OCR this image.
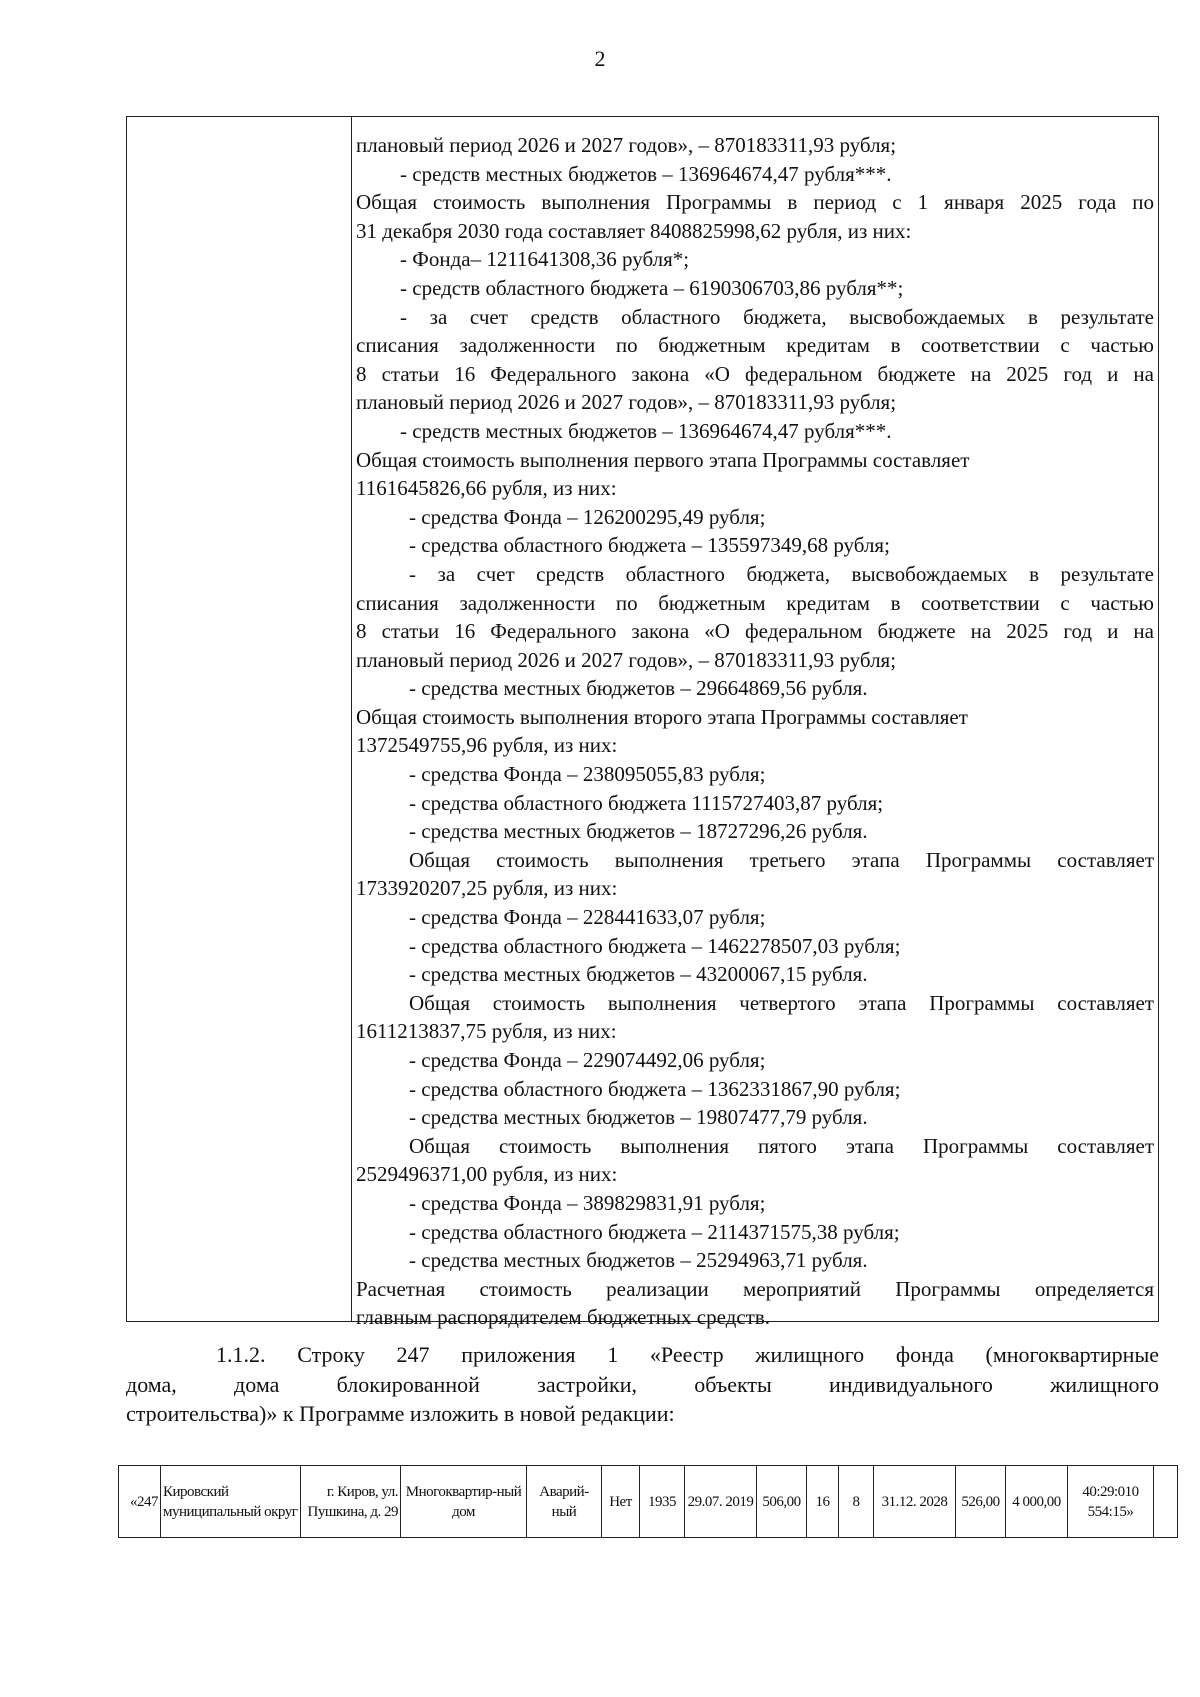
2
плановый период 2026 и 2027 годов», – 870183311,93 рубля;
- средств местных бюджетов – 136964674,47 рубля***.
Общая стоимость выполнения Программы в период с 1 января 2025 года по
31 декабря 2030 года составляет 8408825998,62 рубля, из них:
- Фонда– 1211641308,36 рубля*;
- средств областного бюджета – 6190306703,86 рубля**;
- за счет средств областного бюджета, высвобождаемых в результате
списания задолженности по бюджетным кредитам в соответствии с частью
8 статьи 16 Федерального закона «О федеральном бюджете на 2025 год и на
плановый период 2026 и 2027 годов», – 870183311,93 рубля;
- средств местных бюджетов – 136964674,47 рубля***.
Общая стоимость выполнения первого этапа Программы составляет
1161645826,66 рубля, из них:
- средства Фонда – 126200295,49 рубля;
- средства областного бюджета – 135597349,68 рубля;
- за счет средств областного бюджета, высвобождаемых в результате
списания задолженности по бюджетным кредитам в соответствии с частью
8 статьи 16 Федерального закона «О федеральном бюджете на 2025 год и на
плановый период 2026 и 2027 годов», – 870183311,93 рубля;
- средства местных бюджетов – 29664869,56 рубля.
Общая стоимость выполнения второго этапа Программы составляет
1372549755,96 рубля, из них:
- средства Фонда – 238095055,83 рубля;
- средства областного бюджета 1115727403,87 рубля;
- средства местных бюджетов – 18727296,26 рубля.
Общая стоимость выполнения третьего этапа Программы составляет
1733920207,25 рубля, из них:
- средства Фонда – 228441633,07 рубля;
- средства областного бюджета – 1462278507,03 рубля;
- средства местных бюджетов – 43200067,15 рубля.
Общая стоимость выполнения четвертого этапа Программы составляет
1611213837,75 рубля, из них:
- средства Фонда – 229074492,06 рубля;
- средства областного бюджета – 1362331867,90 рубля;
- средства местных бюджетов – 19807477,79 рубля.
Общая стоимость выполнения пятого этапа Программы составляет
2529496371,00 рубля, из них:
- средства Фонда – 389829831,91 рубля;
- средства областного бюджета – 2114371575,38 рубля;
- средства местных бюджетов – 25294963,71 рубля.
Расчетная стоимость реализации мероприятий Программы определяется
главным распорядителем бюджетных средств.
1.1.2. Строку 247 приложения 1 «Реестр жилищного фонда (многоквартирные
дома, дома блокированной застройки, объекты индивидуального жилищного
строительства)» к Программе изложить в новой редакции:
«247	Кировский муниципальный округ	г. Киров, ул. Пушкина, д. 29	Многоквартир-ный дом	Аварий-ный	Нет	1935	29.07. 2019	506,00	16	8	31.12. 2028	526,00	4 000,00	40:29:010 554:15»	
